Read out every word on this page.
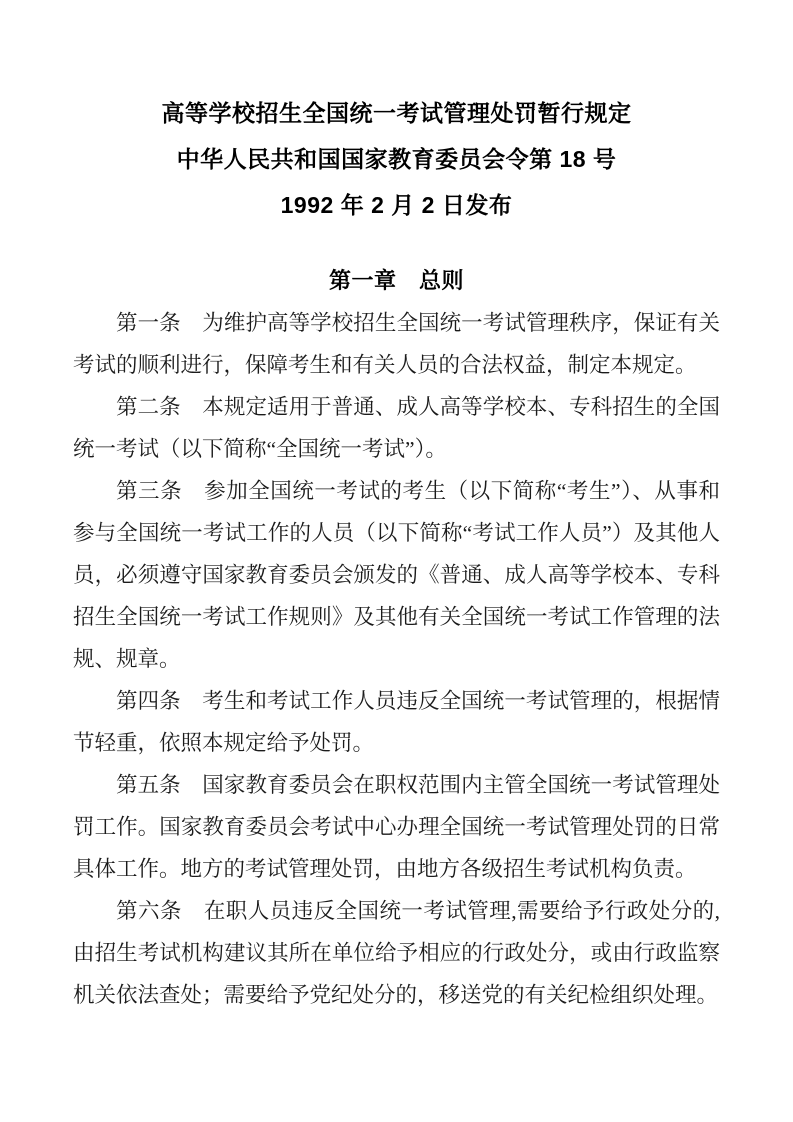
高等学校招生全国统一考试管理处罚暂行规定
中华人民共和国国家教育委员会令第 18 号
1992 年 2 月 2 日发布
第一章　总则

第一条　为维护高等学校招生全国统一考试管理秩序，保证有关考试的顺利进行，保障考生和有关人员的合法权益，制定本规定。

第二条　本规定适用于普通、成人高等学校本、专科招生的全国统一考试（以下简称“全国统一考试”）。

第三条　参加全国统一考试的考生（以下简称“考生”）、从事和参与全国统一考试工作的人员（以下简称“考试工作人员”）及其他人员，必须遵守国家教育委员会颁发的《普通、成人高等学校本、专科招生全国统一考试工作规则》及其他有关全国统一考试工作管理的法规、规章。

第四条　考生和考试工作人员违反全国统一考试管理的，根据情节轻重，依照本规定给予处罚。

第五条　国家教育委员会在职权范围内主管全国统一考试管理处罚工作。国家教育委员会考试中心办理全国统一考试管理处罚的日常具体工作。地方的考试管理处罚，由地方各级招生考试机构负责。

第六条　在职人员违反全国统一考试管理,需要给予行政处分的,由招生考试机构建议其所在单位给予相应的行政处分，或由行政监察机关依法查处；需要给予党纪处分的，移送党的有关纪检组织处理。
